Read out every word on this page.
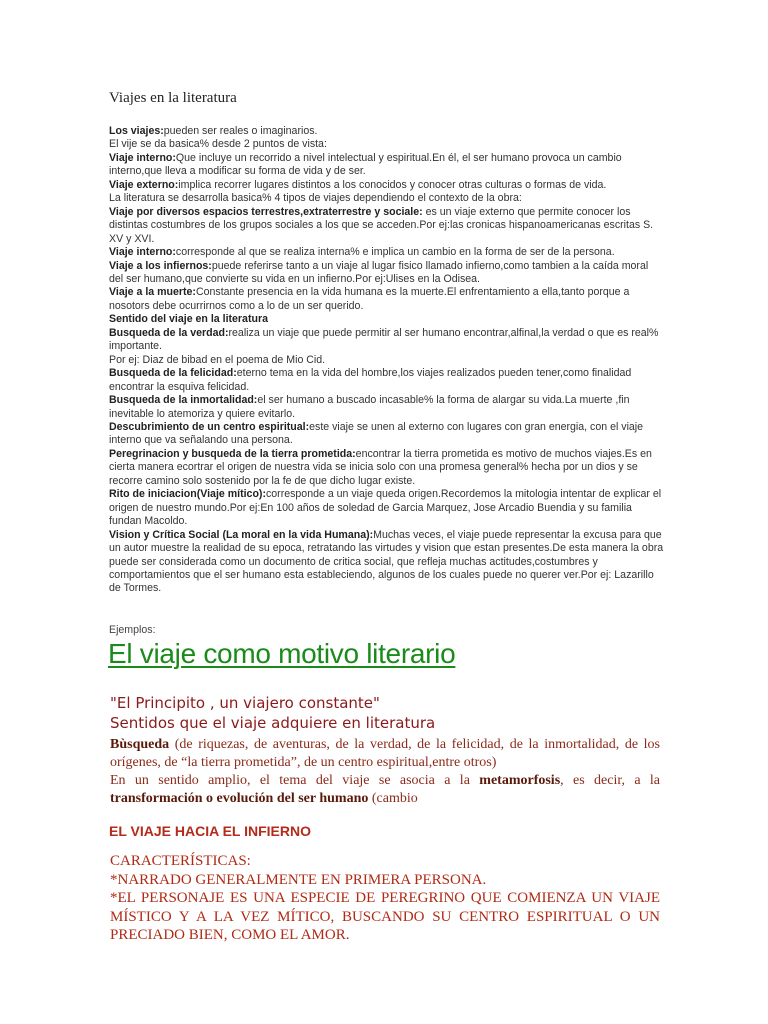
Viajes en la literatura

Los viajes:pueden ser reales o imaginarios.

El vije se da basica% desde 2 puntos de vista:

Viaje interno:Que incluye un recorrido a nivel intelectual y espiritual.En él, el ser humano provoca un cambio interno,que lleva a modificar su forma de vida y de ser.

Viaje externo:implica recorrer lugares distintos a los conocidos y conocer otras culturas o formas de vida.

La literatura se desarrolla basica% 4 tipos de viajes dependiendo el contexto de la obra:

Viaje por diversos espacios terrestres,extraterrestre y sociale: es un viaje externo que permite conocer los distintas costumbres de los grupos sociales a los que se acceden.Por ej:las cronicas hispanoamericanas escritas S. XV y XVI.

Viaje interno:corresponde al que se realiza interna% e implica un cambio en la forma de ser de la persona.

Viaje a los infiernos:puede referirse tanto a un viaje al lugar fisico llamado infierno,como tambien a la caída moral del ser humano,que convierte su vida en un infierno.Por ej:Ulises en la Odisea.

Viaje a la muerte:Constante presencia en la vida humana es la muerte.El enfrentamiento a ella,tanto porque a nosotors debe ocurrirnos como a lo de un ser querido.

Sentido del viaje en la literatura

Busqueda de la verdad:realiza un viaje que puede permitir al ser humano encontrar,alfinal,la verdad o que es real% importante.

Por ej: Diaz de bibad en el poema de Mio Cid.

Busqueda de la felicidad:eterno tema en la vida del hombre,los viajes realizados pueden tener,como finalidad encontrar la esquiva felicidad.

Busqueda de la inmortalidad:el ser humano a buscado incasable% la forma de alargar su vida.La muerte ,fin inevitable lo atemoriza y quiere evitarlo.

Descubrimiento de un centro espiritual:este viaje se unen al externo con lugares con gran energia, con el viaje interno que va señalando una persona.

Peregrinacion y busqueda de la tierra prometida:encontrar la tierra prometida es motivo de muchos viajes.Es en cierta manera ecortrar el origen de nuestra vida se inicia solo con una promesa general% hecha por un dios y se recorre camino solo sostenido por la fe de que dicho lugar existe.

Rito de iniciacion(Viaje mítico):corresponde a un viaje queda origen.Recordemos la mitologia intentar de explicar el origen de nuestro mundo.Por ej:En 100 años de soledad de Garcia Marquez, Jose Arcadio Buendia y su familia fundan Macoldo.

Vision y Crítica Social (La moral en la vida Humana):Muchas veces, el viaje puede representar la excusa para que un autor muestre la realidad de su epoca, retratando las virtudes y vision que estan presentes.De esta manera la obra puede ser considerada como un documento de critica social, que refleja muchas actitudes,costumbres y comportamientos que el ser humano esta estableciendo, algunos de los cuales puede no querer ver.Por ej: Lazarillo de Tormes.

Ejemplos:
El viaje como motivo literario
"El Principito , un viajero constante"
Sentidos que el viaje adquiere en literatura
Bùsqueda (de riquezas, de aventuras, de la verdad, de la felicidad, de la inmortalidad, de los orígenes, de “la tierra prometida”, de un centro espiritual,entre otros)
En un sentido amplio, el tema del viaje se asocia a la metamorfosis, es decir, a la transformación o evolución del ser humano (cambio
EL VIAJE HACIA EL INFIERNO

CARACTERÍSTICAS:

*NARRADO GENERALMENTE EN PRIMERA PERSONA.

*EL PERSONAJE ES UNA ESPECIE DE PEREGRINO QUE COMIENZA UN VIAJE MÍSTICO Y A LA VEZ MÍTICO, BUSCANDO SU CENTRO ESPIRITUAL O UN PRECIADO BIEN, COMO EL AMOR.
